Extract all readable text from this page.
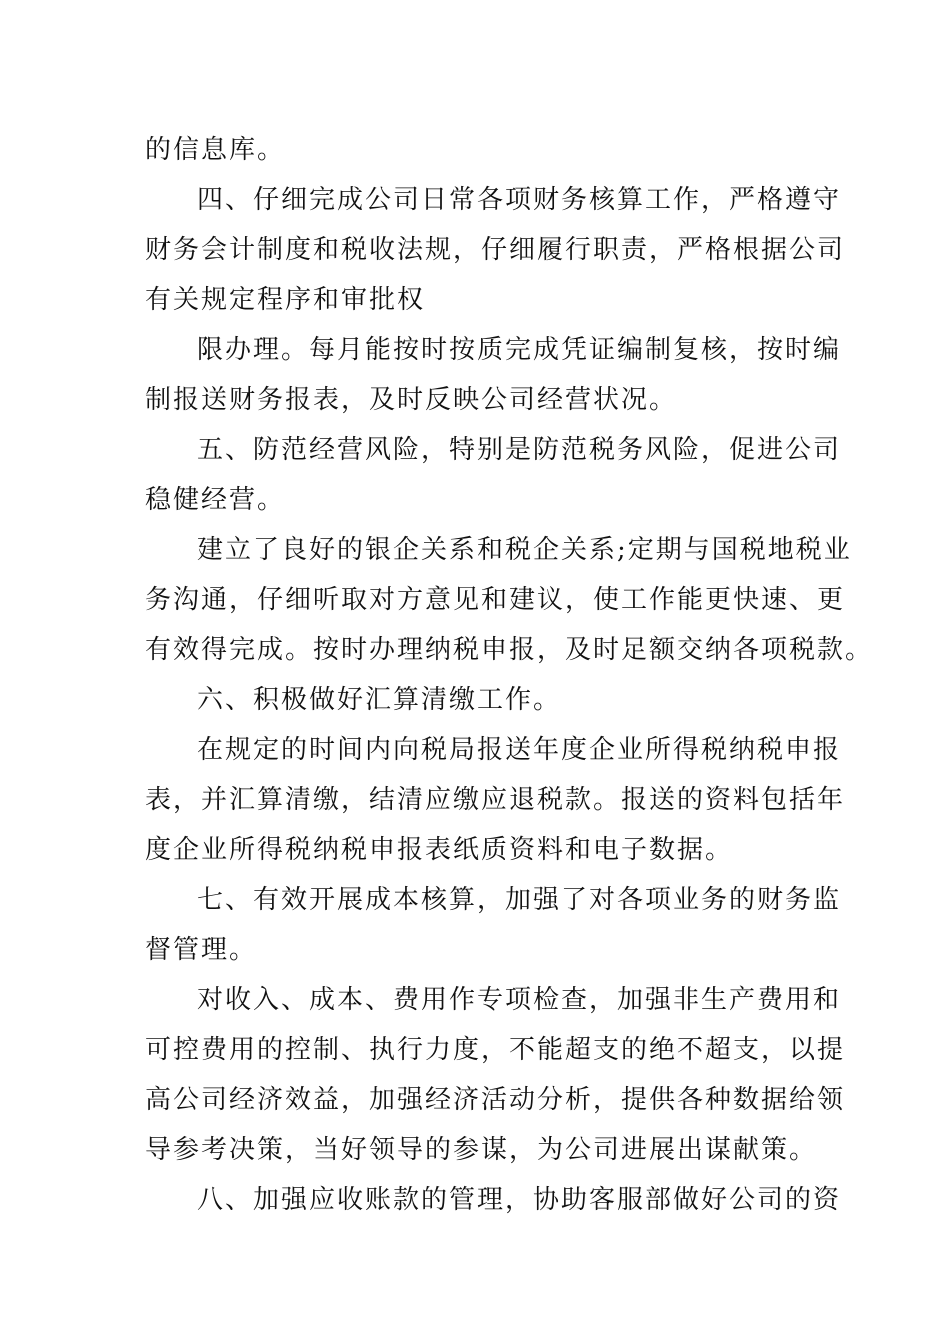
的信息库。
四、仔细完成公司日常各项财务核算工作，严格遵守
财务会计制度和税收法规，仔细履行职责，严格根据公司
有关规定程序和审批权
限办理。每月能按时按质完成凭证编制复核，按时编
制报送财务报表，及时反映公司经营状况。
五、防范经营风险，特别是防范税务风险，促进公司
稳健经营。
建立了良好的银企关系和税企关系;定期与国税地税业
务沟通，仔细听取对方意见和建议，使工作能更快速、更
有效得完成。按时办理纳税申报，及时足额交纳各项税款。
六、积极做好汇算清缴工作。
在规定的时间内向税局报送年度企业所得税纳税申报
表，并汇算清缴，结清应缴应退税款。报送的资料包括年
度企业所得税纳税申报表纸质资料和电子数据。
七、有效开展成本核算，加强了对各项业务的财务监
督管理。
对收入、成本、费用作专项检查，加强非生产费用和
可控费用的控制、执行力度，不能超支的绝不超支，以提
高公司经济效益，加强经济活动分析，提供各种数据给领
导参考决策，当好领导的参谋，为公司进展出谋献策。
八、加强应收账款的管理，协助客服部做好公司的资
